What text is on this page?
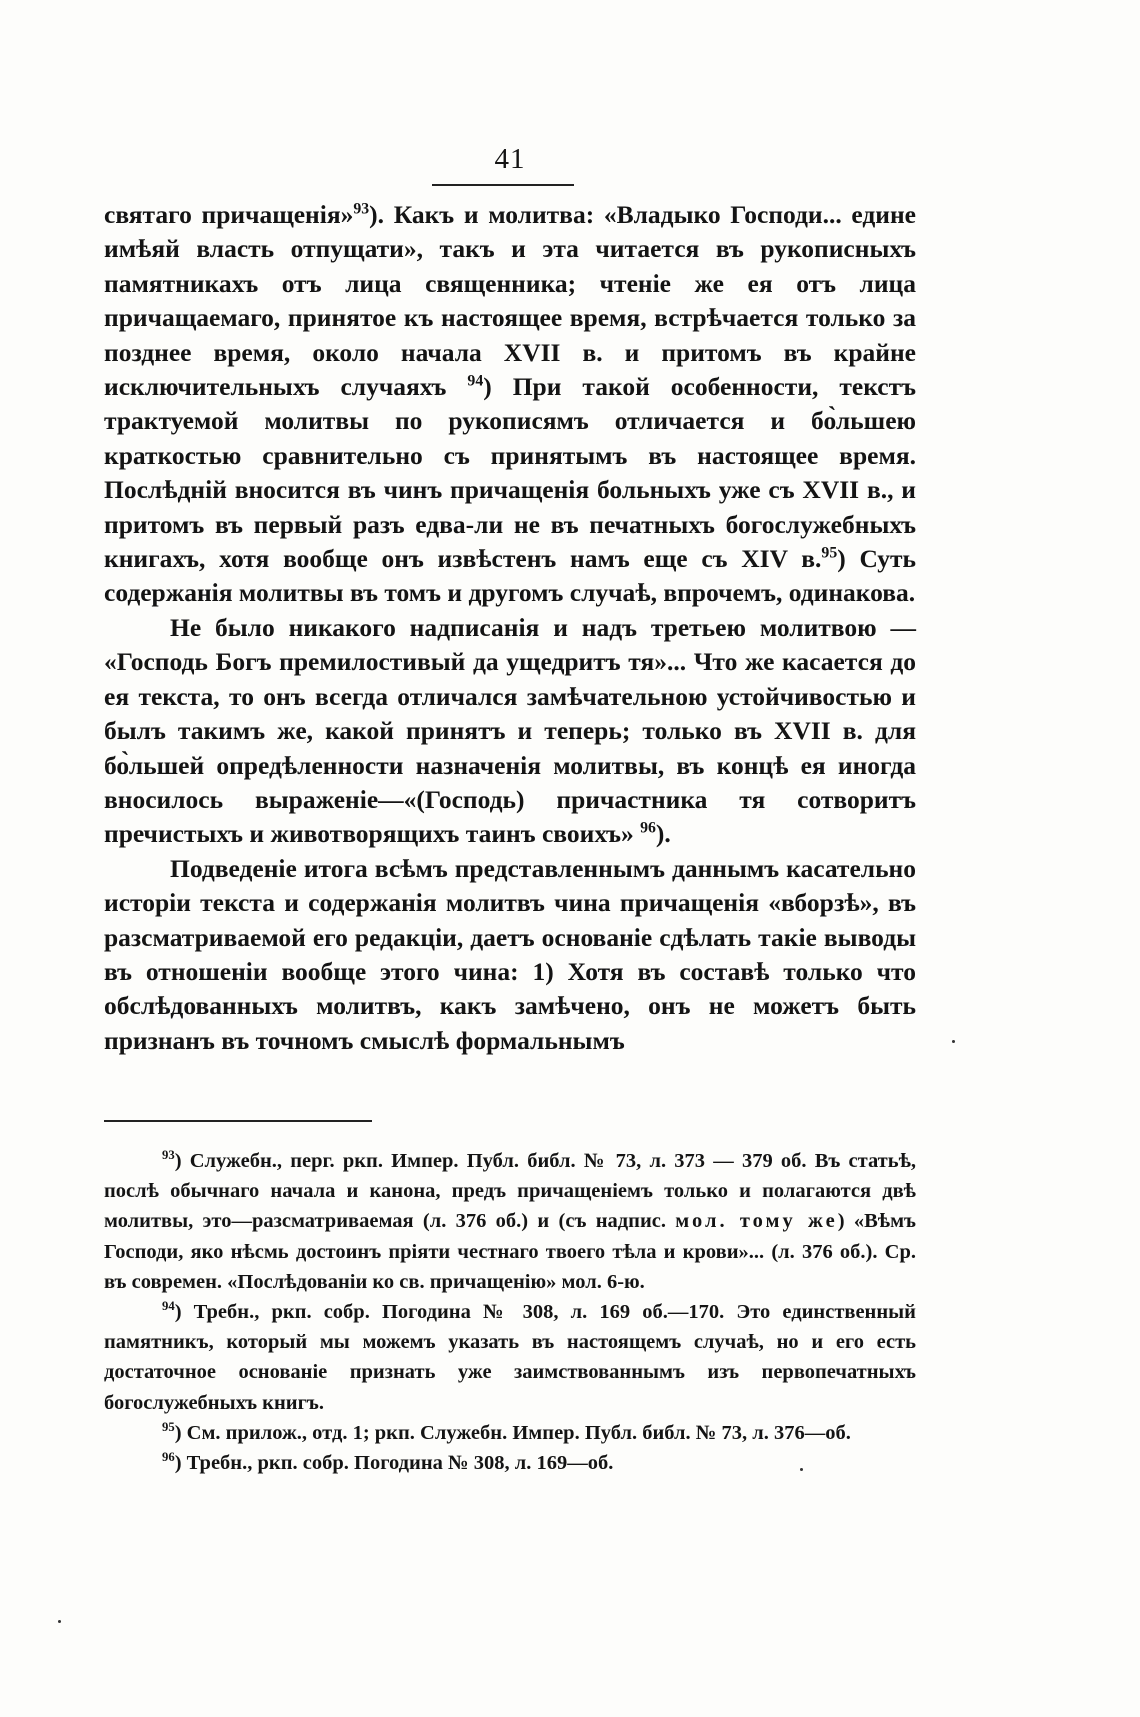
41

святаго причащенія»$^{93}$). Какъ и молитва: «Владыко Господи... едине имѣяй власть отпущати», такъ и эта читается въ рукописныхъ памятникахъ отъ лица священника; чтеніе же ея отъ лица причащаемаго, принятое къ настоящее время, встрѣчается только за позднее время, около начала XVII в. и притомъ въ крайне исключительныхъ случаяхъ $^{94}$) При такой особенности, текстъ трактуемой молитвы по рукописямъ отличается и бо̀льшею краткостью сравнительно съ принятымъ въ настоящее время. Послѣдній вносится въ чинъ причащенія больныхъ уже съ XVII в., и притомъ въ первый разъ едва-ли не въ печатныхъ богослужебныхъ книгахъ, хотя вообще онъ извѣстенъ намъ еще съ XIV в.$^{95}$) Суть содержанія молитвы въ томъ и другомъ случаѣ, впрочемъ, одинакова.

Не было никакого надписанія и надъ третьею молитвою — «Господь Богъ премилостивый да ущедритъ тя»... Что же касается до ея текста, то онъ всегда отличался замѣчательною устойчивостью и былъ такимъ же, какой принятъ и теперь; только въ XVII в. для бо̀льшей опредѣленности назначенія молитвы, въ концѣ ея иногда вносилось выраженіе—«(Господь) причастника тя сотворитъ пречистыхъ и животворящихъ таинъ своихъ» $^{96}$).

Подведеніе итога всѣмъ представленнымъ даннымъ касательно исторіи текста и содержанія молитвъ чина причащенія «вборзѣ», въ разсматриваемой его редакціи, даетъ основаніе сдѣлать такіе выводы въ отношеніи вообще этого чина: 1) Хотя въ составѣ только что обслѣдованныхъ молитвъ, какъ замѣчено, онъ не можетъ быть признанъ въ точномъ смыслѣ формальнымъ

$^{93}$) Служебн., перг. ркп. Импер. Публ. библ. № 73, л. 373 — 379 об. Въ статьѣ, послѣ обычнаго начала и канона, предъ причащеніемъ только и полагаются двѣ молитвы, это—разсматриваемая (л. 376 об.) и (съ надпис. мол. тому же) «Вѣмъ Господи, яко нѣсмь достоинъ пріяти честнаго твоего тѣла и крови»... (л. 376 об.). Ср. въ современ. «Послѣдованіи ко св. причащенію» мол. 6-ю.

$^{94}$) Требн., ркп. собр. Погодина № 308, л. 169 об.—170. Это единственный памятникъ, который мы можемъ указать въ настоящемъ случаѣ, но и его есть достаточное основаніе признать уже заимствованнымъ изъ первопечатныхъ богослужебныхъ книгъ.

$^{95}$) См. прилож., отд. 1; ркп. Служебн. Импер. Публ. библ. № 73, л. 376—об.

$^{96}$) Требн., ркп. собр. Погодина № 308, л. 169—об.
